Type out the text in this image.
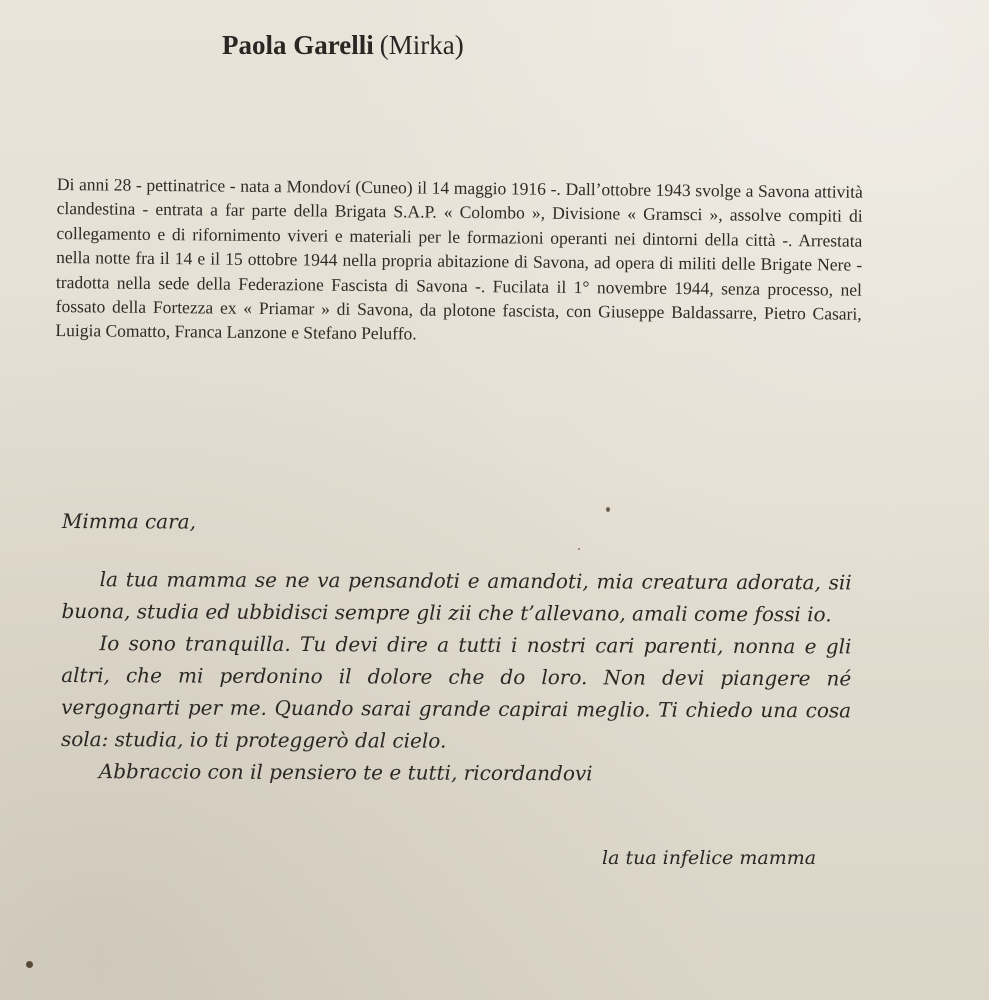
Paola Garelli (Mirka)

Di anni 28 - pettinatrice - nata a Mondoví (Cuneo) il 14 maggio 1916 -. Dall’ottobre 1943 svolge a Savona attività clandestina - entrata a far parte della Brigata S.A.P. « Colombo », Divisione « Gramsci », assolve compiti di collegamento e di rifornimento viveri e materiali per le formazioni operanti nei dintorni della città -. Arrestata nella notte fra il 14 e il 15 ottobre 1944 nella propria abitazione di Savona, ad opera di militi delle Brigate Nere - tradotta nella sede della Federazione Fascista di Savona -. Fucilata il 1° novembre 1944, senza processo, nel fossato della Fortezza ex « Priamar » di Savona, da plotone fascista, con Giuseppe Baldassarre, Pietro Casari, Luigia Comatto, Franca Lanzone e Stefano Peluffo.

Mimma cara,

la tua mamma se ne va pensandoti e amandoti, mia creatura adorata, sii buona, studia ed ubbidisci sempre gli zii che t’allevano, amali come fossi io.

Io sono tranquilla. Tu devi dire a tutti i nostri cari parenti, nonna e gli altri, che mi perdonino il dolore che do loro. Non devi piangere né vergognarti per me. Quando sarai grande capirai meglio. Ti chiedo una cosa sola: studia, io ti proteggerò dal cielo.

Abbraccio con il pensiero te e tutti, ricordandovi

la tua infelice mamma
